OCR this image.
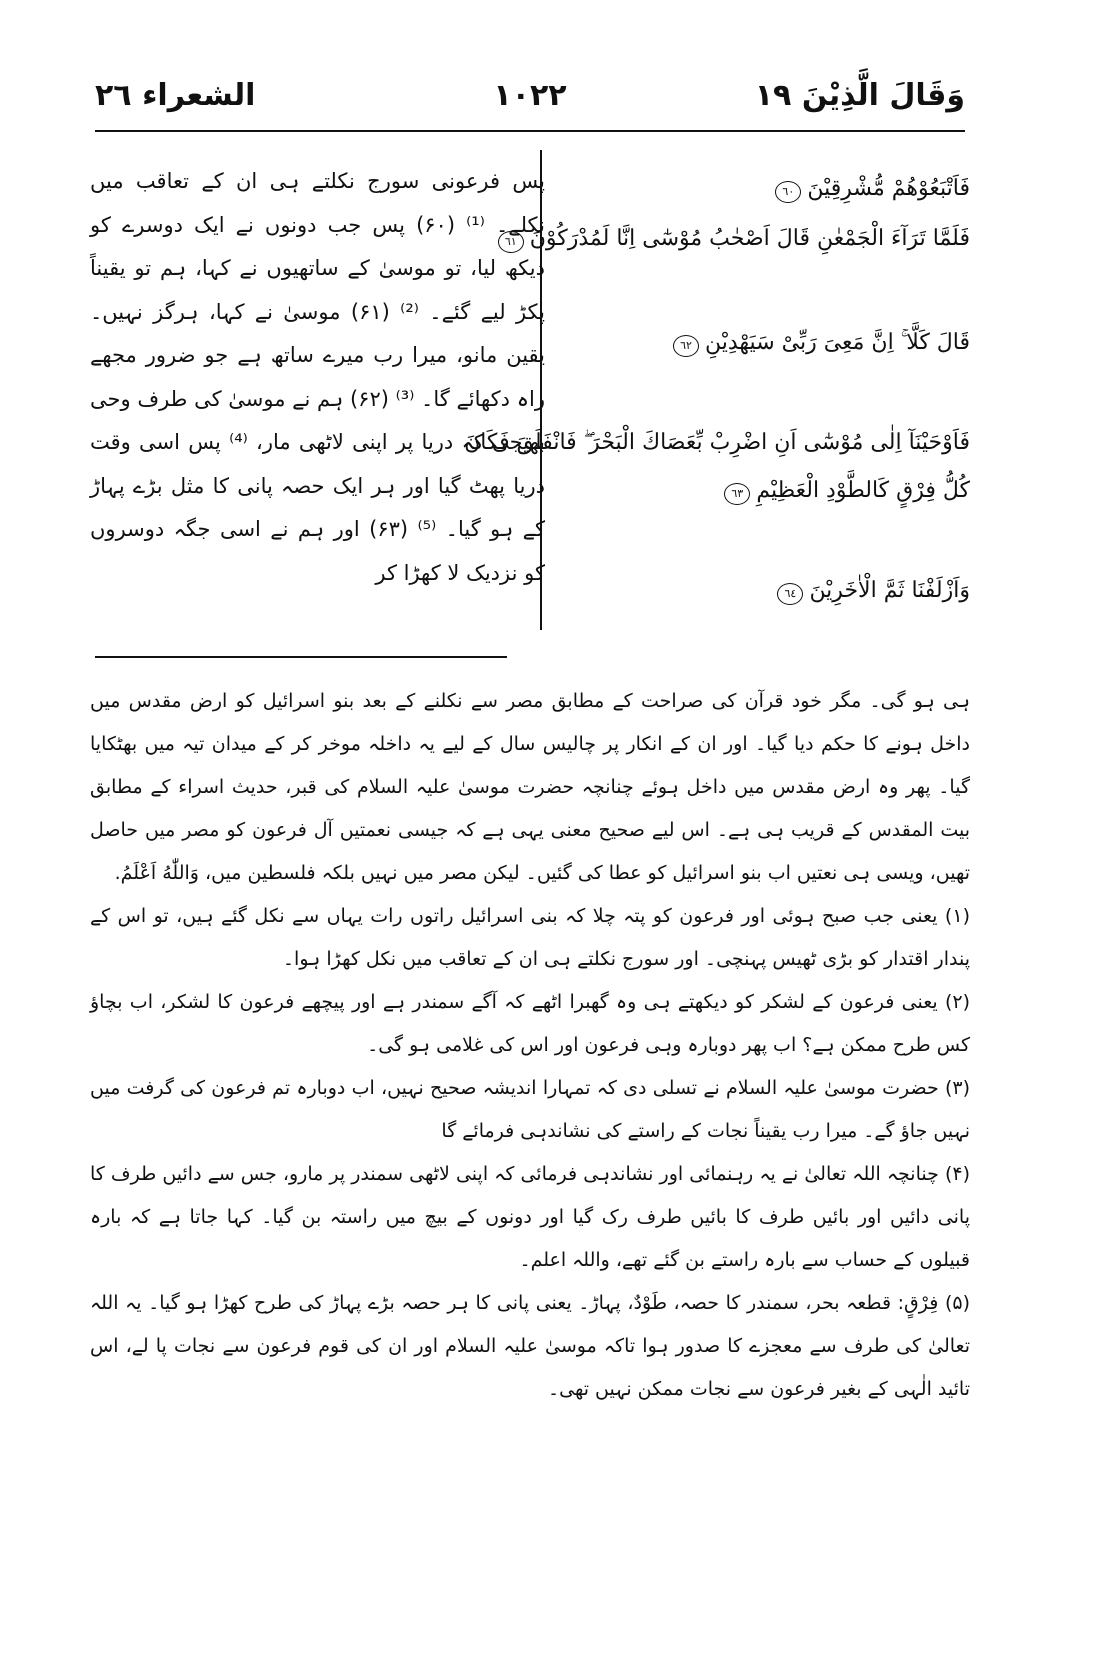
وَقَالَ الَّذِيْنَ ١٩
١٠٢٢
الشعراء ٢٦
فَاَتْبَعُوْهُمْ مُّشْرِقِيْنَ٦٠
فَلَمَّا تَرَآءَ الْجَمْعٰنِ قَالَ اَصْحٰبُ مُوْسٰٓى اِنَّا لَمُدْرَكُوْنَ٦١
قَالَ كَلَّا ۚ اِنَّ مَعِىَ رَبِّىْ سَيَهْدِيْنِ٦٢
فَاَوْحَيْنَآ اِلٰى مُوْسٰٓى اَنِ اضْرِبْ بِّعَصَاكَ الْبَحْرَ ۖ فَانْفَلَقَ فَكَانَ
كُلُّ فِرْقٍ كَالطَّوْدِ الْعَظِيْمِ٦٣
وَاَزْلَفْنَا ثَمَّ الْاٰخَرِيْنَ٦٤
پس فرعونی سورج نکلتے ہی ان کے تعاقب میں نکلے۔ ⁽¹⁾ (۶۰) پس جب دونوں نے ایک دوسرے کو دیکھ لیا، تو موسیٰ کے ساتھیوں نے کہا، ہم تو یقیناً پکڑ لیے گئے۔ ⁽²⁾ (۶۱) موسیٰ نے کہا، ہرگز نہیں۔ یقین مانو، میرا رب میرے ساتھ ہے جو ضرور مجھے راہ دکھائے گا۔ ⁽³⁾ (۶۲) ہم نے موسیٰ کی طرف وحی بھیجی کہ دریا پر اپنی لاٹھی مار، ⁽⁴⁾ پس اسی وقت دریا پھٹ گیا اور ہر ایک حصہ پانی کا مثل بڑے پہاڑ کے ہو گیا۔ ⁽⁵⁾ (۶۳) اور ہم نے اسی جگہ دوسروں کو نزدیک لا کھڑا کر

ہی ہو گی۔ مگر خود قرآن کی صراحت کے مطابق مصر سے نکلنے کے بعد بنو اسرائیل کو ارض مقدس میں داخل ہونے کا حکم دیا گیا۔ اور ان کے انکار پر چالیس سال کے لیے یہ داخلہ موخر کر کے میدان تیہ میں بھٹکایا گیا۔ پھر وہ ارض مقدس میں داخل ہوئے چنانچہ حضرت موسیٰ علیہ السلام کی قبر، حدیث اسراء کے مطابق بیت المقدس کے قریب ہی ہے۔ اس لیے صحیح معنی یہی ہے کہ جیسی نعمتیں آل فرعون کو مصر میں حاصل تھیں، ویسی ہی نعتیں اب بنو اسرائیل کو عطا کی گئیں۔ لیکن مصر میں نہیں بلکہ فلسطین میں، وَاللّٰهُ اَعْلَمُ.

(۱) یعنی جب صبح ہوئی اور فرعون کو پتہ چلا کہ بنی اسرائیل راتوں رات یہاں سے نکل گئے ہیں، تو اس کے پندار اقتدار کو بڑی ٹھیس پہنچی۔ اور سورج نکلتے ہی ان کے تعاقب میں نکل کھڑا ہوا۔

(۲) یعنی فرعون کے لشکر کو دیکھتے ہی وہ گھبرا اٹھے کہ آگے سمندر ہے اور پیچھے فرعون کا لشکر، اب بچاؤ کس طرح ممکن ہے؟ اب پھر دوبارہ وہی فرعون اور اس کی غلامی ہو گی۔

(۳) حضرت موسیٰ علیہ السلام نے تسلی دی کہ تمہارا اندیشہ صحیح نہیں، اب دوبارہ تم فرعون کی گرفت میں نہیں جاؤ گے۔ میرا رب یقیناً نجات کے راستے کی نشاندہی فرمائے گا

(۴) چنانچہ اللہ تعالیٰ نے یہ رہنمائی اور نشاندہی فرمائی کہ اپنی لاٹھی سمندر پر مارو، جس سے دائیں طرف کا پانی دائیں اور بائیں طرف کا بائیں طرف رک گیا اور دونوں کے بیچ میں راستہ بن گیا۔ کہا جاتا ہے کہ بارہ قبیلوں کے حساب سے بارہ راستے بن گئے تھے، واللہ اعلم۔

(۵) فِرْقٍ: قطعہ بحر، سمندر کا حصہ، طَوْدٌ، پہاڑ۔ یعنی پانی کا ہر حصہ بڑے پہاڑ کی طرح کھڑا ہو گیا۔ یہ اللہ تعالیٰ کی طرف سے معجزے کا صدور ہوا تاکہ موسیٰ علیہ السلام اور ان کی قوم فرعون سے نجات پا لے، اس تائید الٰہی کے بغیر فرعون سے نجات ممکن نہیں تھی۔
